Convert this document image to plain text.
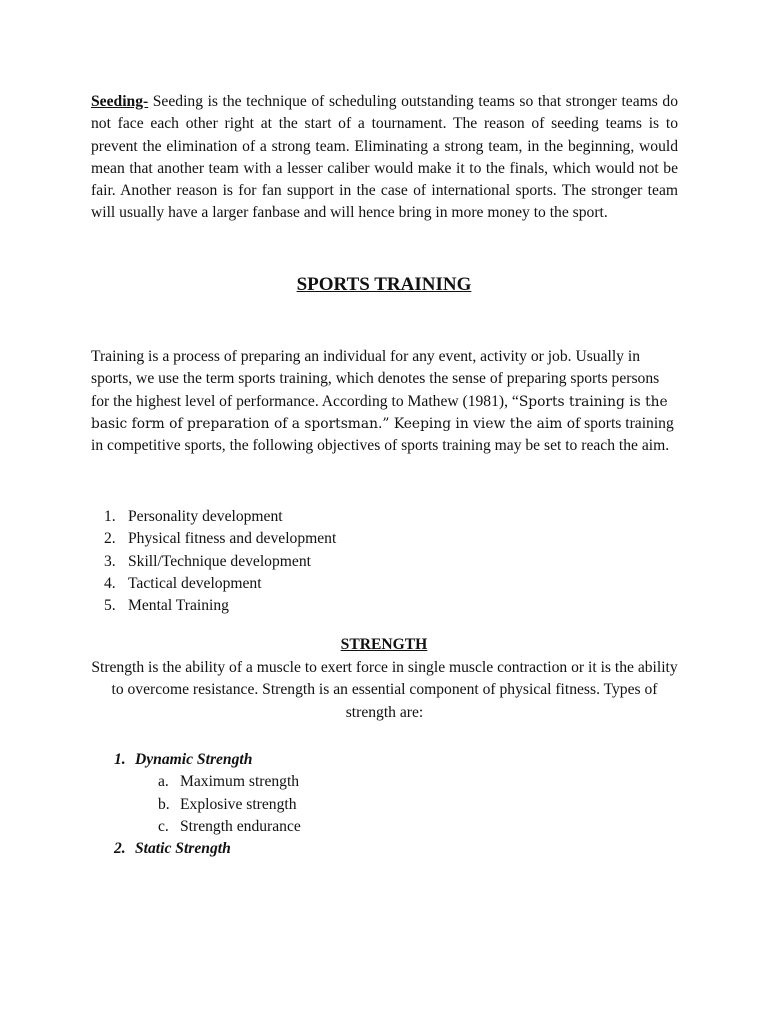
Seeding- Seeding is the technique of scheduling outstanding teams so that stronger teams do not face each other right at the start of a tournament. The reason of seeding teams is to prevent the elimination of a strong team. Eliminating a strong team, in the beginning, would mean that another team with a lesser caliber would make it to the finals, which would not be fair. Another reason is for fan support in the case of international sports. The stronger team will usually have a larger fanbase and will hence bring in more money to the sport.

SPORTS TRAINING

Training is a process of preparing an individual for any event, activity or job. Usually in sports, we use the term sports training, which denotes the sense of preparing sports persons for the highest level of performance. According to Mathew (1981), “Sports training is the basic form of preparation of a sportsman.” Keeping in view the aim of sports training in competitive sports, the following objectives of sports training may be set to reach the aim.

1. Personality development
2. Physical fitness and development
3. Skill/Technique development
4. Tactical development
5. Mental Training
STRENGTH

Strength is the ability of a muscle to exert force in single muscle contraction or it is the ability to overcome resistance. Strength is an essential component of physical fitness. Types of strength are:

1. Dynamic Strength
a. Maximum strength
b. Explosive strength
c. Strength endurance
2. Static Strength
